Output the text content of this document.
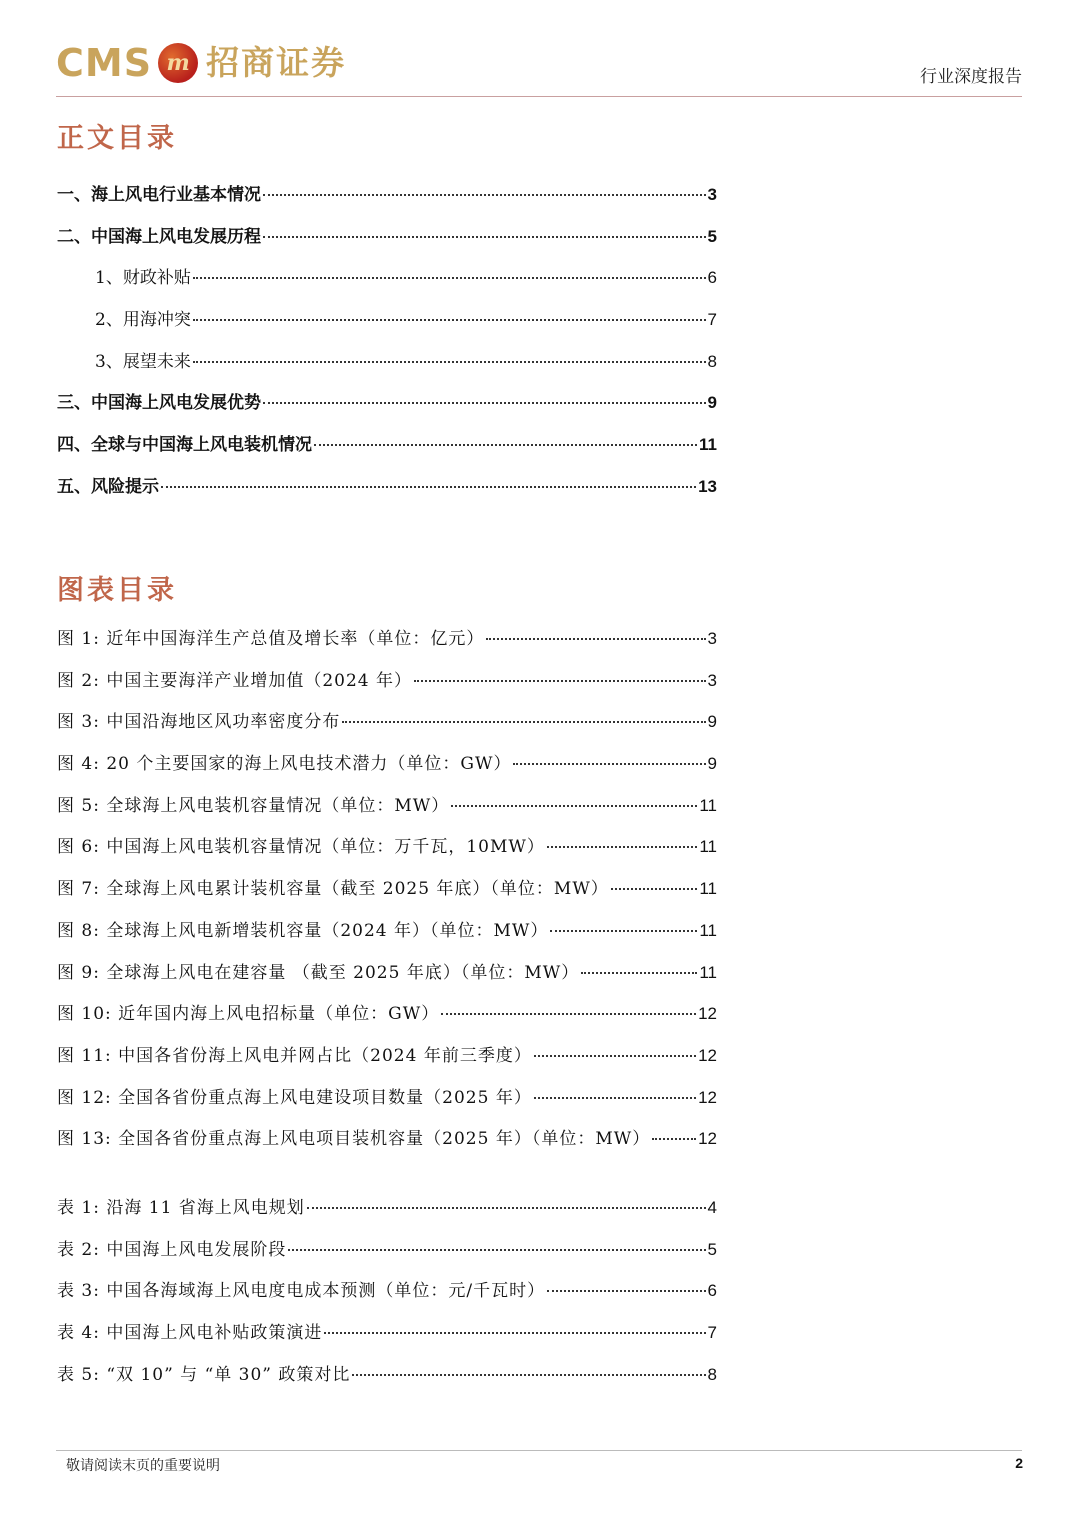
CMS m 招商证券	行业深度报告
正文目录
一、海上风电行业基本情况	3
二、中国海上风电发展历程	5
1、财政补贴	6
2、用海冲突	7
3、展望未来	8
三、中国海上风电发展优势	9
四、全球与中国海上风电装机情况	11
五、风险提示	13
图表目录
图 1: 近年中国海洋生产总值及增长率（单位：亿元）	3
图 2: 中国主要海洋产业增加值（2024 年）	3
图 3: 中国沿海地区风功率密度分布	9
图 4: 20 个主要国家的海上风电技术潜力（单位：GW）	9
图 5: 全球海上风电装机容量情况（单位：MW）	11
图 6: 中国海上风电装机容量情况（单位：万千瓦，10MW）	11
图 7: 全球海上风电累计装机容量（截至 2025 年底）（单位：MW）	11
图 8: 全球海上风电新增装机容量（2024 年）（单位：MW）	11
图 9: 全球海上风电在建容量 （截至 2025 年底）（单位：MW）	11
图 10: 近年国内海上风电招标量（单位：GW）	12
图 11: 中国各省份海上风电并网占比（2024 年前三季度）	12
图 12: 全国各省份重点海上风电建设项目数量（2025 年）	12
图 13: 全国各省份重点海上风电项目装机容量（2025 年）（单位：MW）	12
表 1: 沿海 11 省海上风电规划	4
表 2: 中国海上风电发展阶段	5
表 3: 中国各海域海上风电度电成本预测（单位：元/千瓦时）	6
表 4: 中国海上风电补贴政策演进	7
表 5: “双 10” 与 “单 30” 政策对比	8
敬请阅读末页的重要说明	2
